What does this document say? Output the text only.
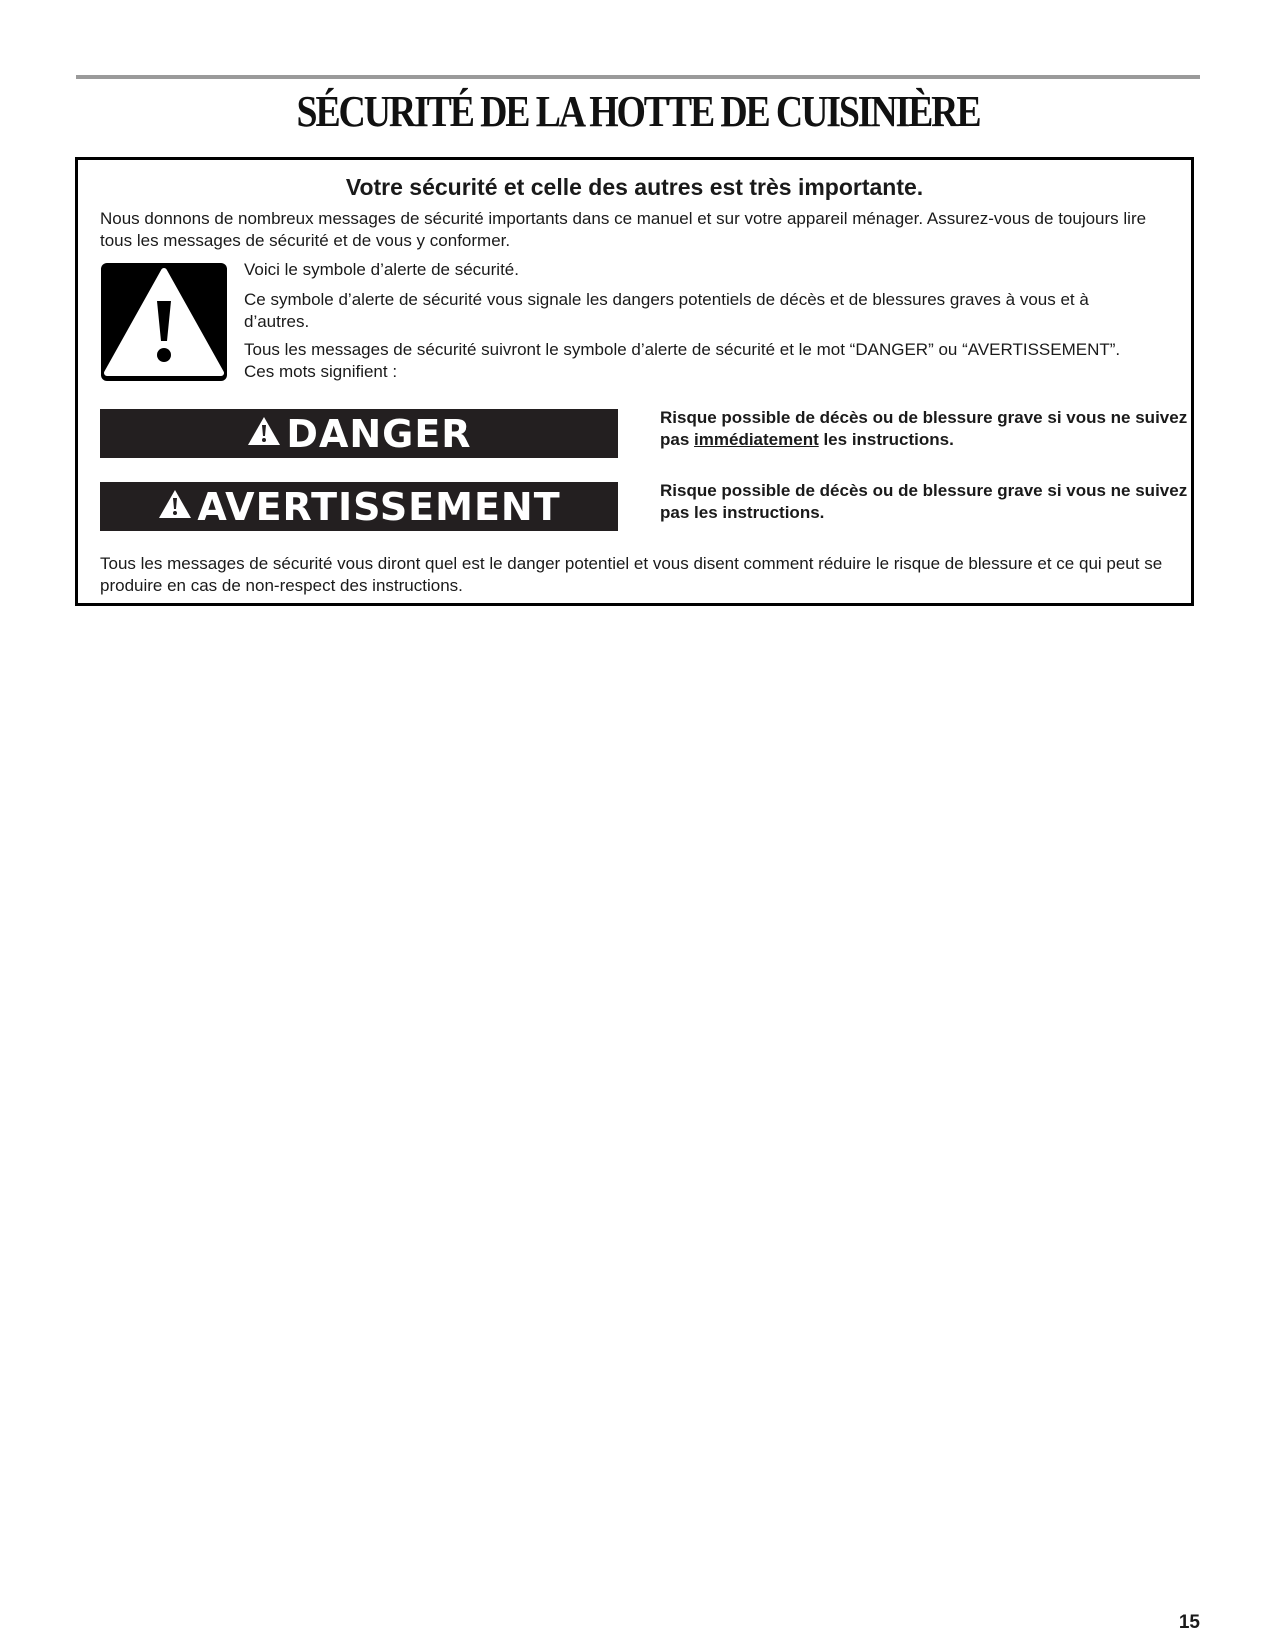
SÉCURITÉ DE LA HOTTE DE CUISINIÈRE
Votre sécurité et celle des autres est très importante.

Nous donnons de nombreux messages de sécurité importants dans ce manuel et sur votre appareil ménager. Assurez-vous de toujours lire tous les messages de sécurité et de vous y conformer.

Voici le symbole d’alerte de sécurité.

Ce symbole d’alerte de sécurité vous signale les dangers potentiels de décès et de blessures graves à vous et à d’autres.

Tous les messages de sécurité suivront le symbole d’alerte de sécurité et le mot “DANGER” ou “AVERTISSEMENT”. Ces mots signifient :

DANGER	Risque possible de décès ou de blessure grave si vous ne suivez pas immédiatement les instructions.
AVERTISSEMENT	Risque possible de décès ou de blessure grave si vous ne suivez pas les instructions.

Tous les messages de sécurité vous diront quel est le danger potentiel et vous disent comment réduire le risque de blessure et ce qui peut se produire en cas de non-respect des instructions.

15
